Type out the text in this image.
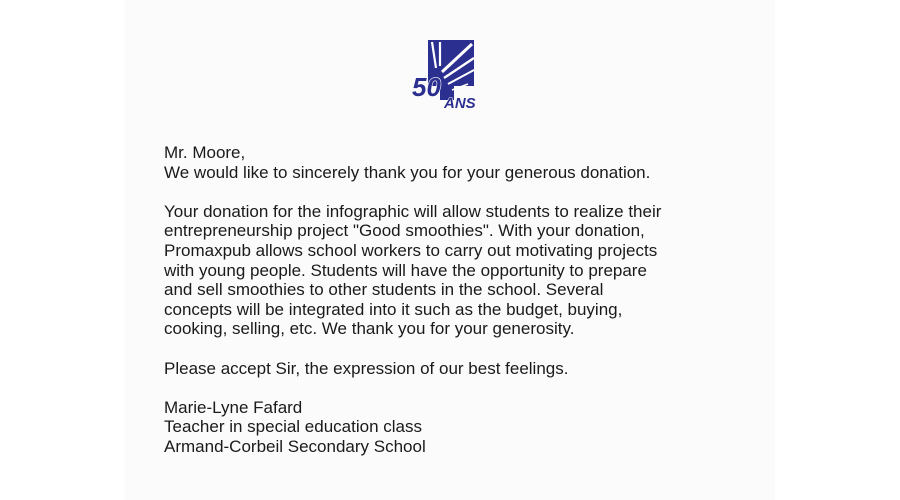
50
ANS
Mr. Moore,
We would like to sincerely thank you for your generous donation.
Your donation for the infographic will allow students to realize their
entrepreneurship project "Good smoothies". With your donation,
Promaxpub allows school workers to carry out motivating projects
with young people. Students will have the opportunity to prepare
and sell smoothies to other students in the school. Several
concepts will be integrated into it such as the budget, buying,
cooking, selling, etc. We thank you for your generosity.
Please accept Sir, the expression of our best feelings.
Marie-Lyne Fafard
Teacher in special education class
Armand-Corbeil Secondary School
